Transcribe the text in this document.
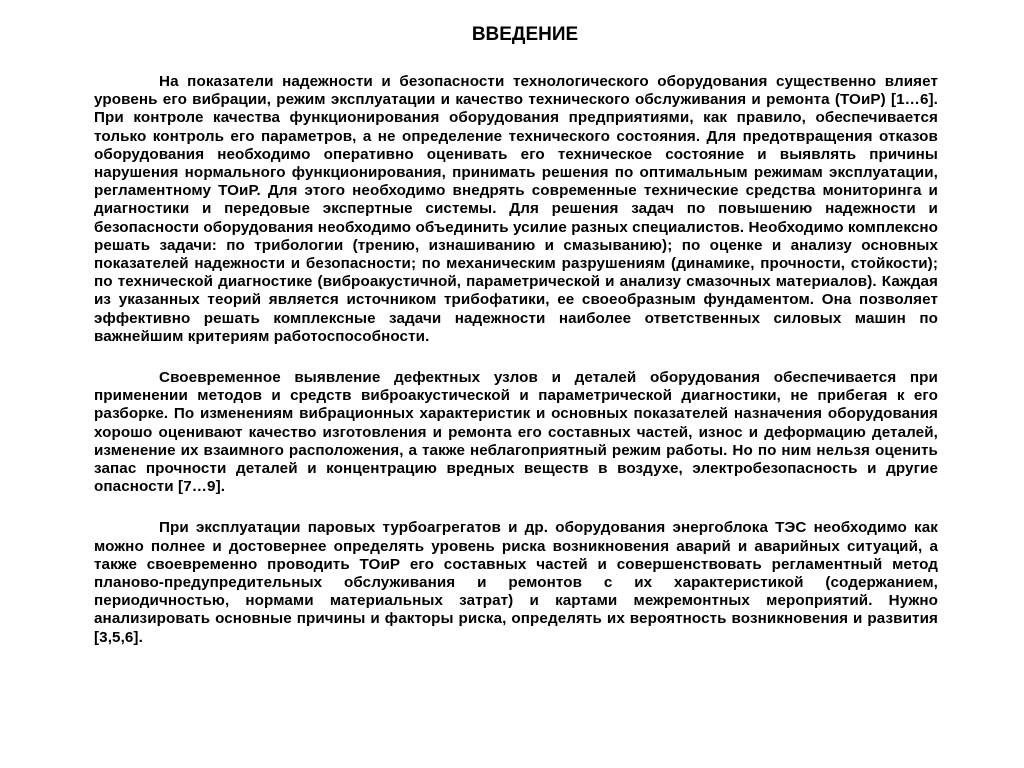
ВВЕДЕНИЕ

На показатели надежности и безопасности технологического оборудования существенно влияет уровень его вибрации, режим эксплуатации и качество технического обслуживания и ремонта (ТОиР) [1…6]. При контроле качества функционирования оборудования предприятиями, как правило, обеспечивается только контроль его параметров, а не определение технического состояния. Для предотвращения отказов оборудования необходимо оперативно оценивать его техническое состояние и выявлять причины нарушения нормального функционирования, принимать решения по оптимальным режимам эксплуатации, регламентному ТОиР. Для этого необходимо внедрять современные технические средства мониторинга и диагностики и передовые экспертные системы. Для решения задач по повышению надежности и безопасности оборудования необходимо объединить усилие разных специалистов. Необходимо комплексно решать задачи: по трибологии (трению, изнашиванию и смазыванию); по оценке и анализу основных показателей надежности и безопасности; по механическим разрушениям (динамике, прочности, стойкости); по технической диагностике (виброакустичной, параметрической и анализу смазочных материалов). Каждая из указанных теорий является источником трибофатики, ее своеобразным фундаментом. Она позволяет эффективно решать комплексные задачи надежности наиболее ответственных силовых машин по важнейшим критериям работоспособности.

Своевременное выявление дефектных узлов и деталей оборудования обеспечивается при применении методов и средств виброакустической и параметрической диагностики, не прибегая к его разборке. По изменениям вибрационных характеристик и основных показателей назначения оборудования хорошо оценивают качество изготовления и ремонта его составных частей, износ и деформацию деталей, изменение их взаимного расположения, а также неблагоприятный режим работы. Но по ним нельзя оценить запас прочности деталей и концентрацию вредных веществ в воздухе, электробезопасность и другие опасности [7…9].

При эксплуатации паровых турбоагрегатов и др. оборудования энергоблока ТЭС необходимо как можно полнее и достовернее определять уровень риска возникновения аварий и аварийных ситуаций, а также своевременно проводить ТОиР его составных частей и совершенствовать регламентный метод планово-предупредительных обслуживания и ремонтов с их характеристикой (содержанием, периодичностью, нормами материальных затрат) и картами межремонтных мероприятий. Нужно анализировать основные причины и факторы риска, определять их вероятность возникновения и развития [3,5,6].
